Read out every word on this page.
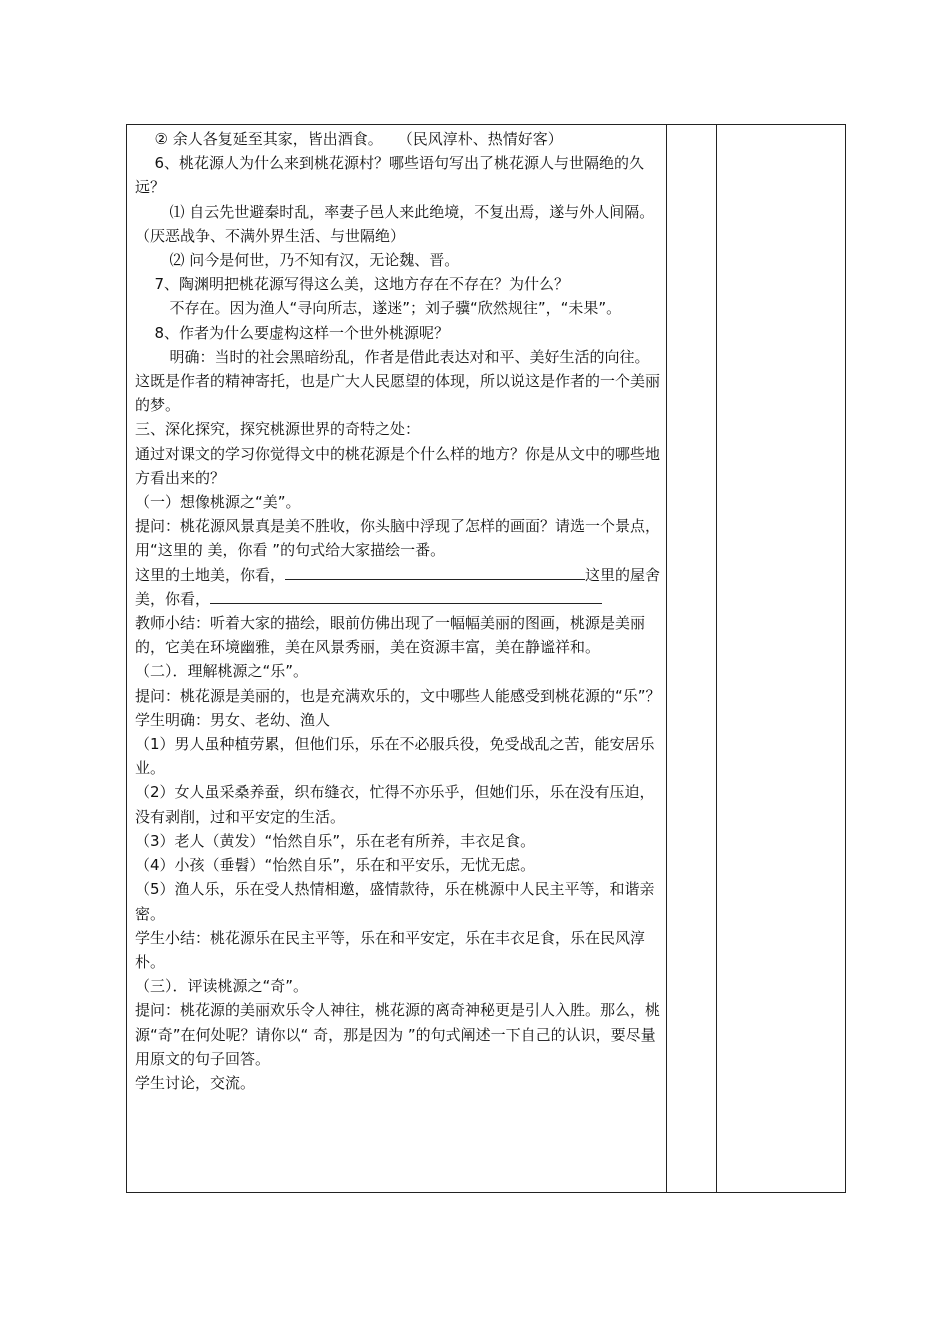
② 余人各复延至其家，皆出酒食。　　（民风淳朴、热情好客）

6、桃花源人为什么来到桃花源村？哪些语句写出了桃花源人与世隔绝的久远？

⑴ 自云先世避秦时乱，率妻子邑人来此绝境，不复出焉，遂与外人间隔。　（厌恶战争、不满外界生活、与世隔绝）

⑵ 问今是何世，乃不知有汉，无论魏、晋。

7、陶渊明把桃花源写得这么美，这地方存在不存在？为什么？

不存在。因为渔人“寻向所志，遂迷”；刘子骥“欣然规往”，“未果”。

8、作者为什么要虚构这样一个世外桃源呢？

明确：当时的社会黑暗纷乱，作者是借此表达对和平、美好生活的向往。这既是作者的精神寄托，也是广大人民愿望的体现，所以说这是作者的一个美丽的梦。

三、深化探究，探究桃源世界的奇特之处：

通过对课文的学习你觉得文中的桃花源是个什么样的地方？你是从文中的哪些地方看出来的？

（一）想像桃源之“美”。

提问：桃花源风景真是美不胜收，你头脑中浮现了怎样的画面？请选一个景点，用“这里的 美，你看 ”的句式给大家描绘一番。

这里的土地美，你看，	这里的屋舍美，你看，

教师小结：听着大家的描绘，眼前仿佛出现了一幅幅美丽的图画，桃源是美丽的，它美在环境幽雅，美在风景秀丽，美在资源丰富，美在静谧祥和。

（二）．理解桃源之“乐”。

提问：桃花源是美丽的，也是充满欢乐的，文中哪些人能感受到桃花源的“乐”？

学生明确：男女、老幼、渔人

（1）男人虽种植劳累，但他们乐，乐在不必服兵役，免受战乱之苦，能安居乐业。

（2）女人虽采桑养蚕，织布缝衣，忙得不亦乐乎，但她们乐，乐在没有压迫，没有剥削，过和平安定的生活。

（3）老人（黄发）“怡然自乐”，乐在老有所养，丰衣足食。

（4）小孩（垂髫）“怡然自乐”，乐在和平安乐，无忧无虑。

（5）渔人乐，乐在受人热情相邀，盛情款待，乐在桃源中人民主平等，和谐亲密。

学生小结：桃花源乐在民主平等，乐在和平安定，乐在丰衣足食，乐在民风淳朴。

（三）．评读桃源之“奇”。

提问：桃花源的美丽欢乐令人神往，桃花源的离奇神秘更是引人入胜。那么，桃源“奇”在何处呢？请你以“ 奇，那是因为 ”的句式阐述一下自己的认识，要尽量用原文的句子回答。

学生讨论，交流。
